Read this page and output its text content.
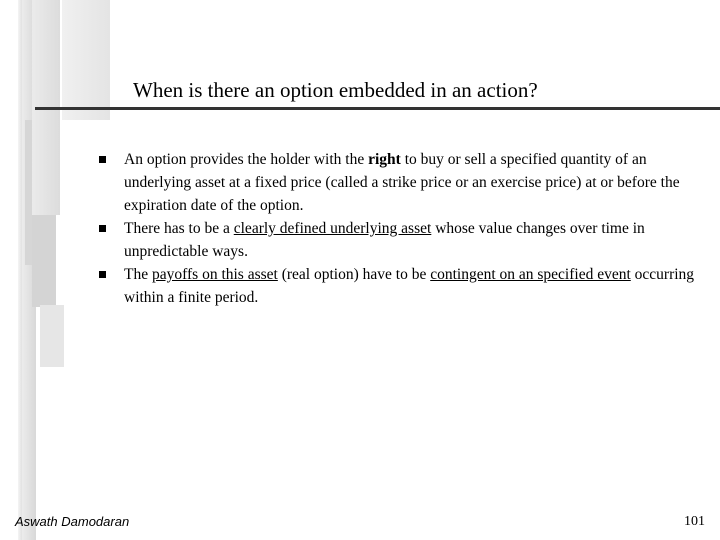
When is there an option embedded in an action?
An option provides the holder with the right to buy or sell a specified quantity of an underlying asset at a fixed price (called a strike price or an exercise price) at or before the expiration date of the option.
There has to be a clearly defined underlying asset whose value changes over time in unpredictable ways.
The payoffs on this asset (real option) have to be contingent on an specified event occurring within a finite period.
Aswath Damodaran	101
